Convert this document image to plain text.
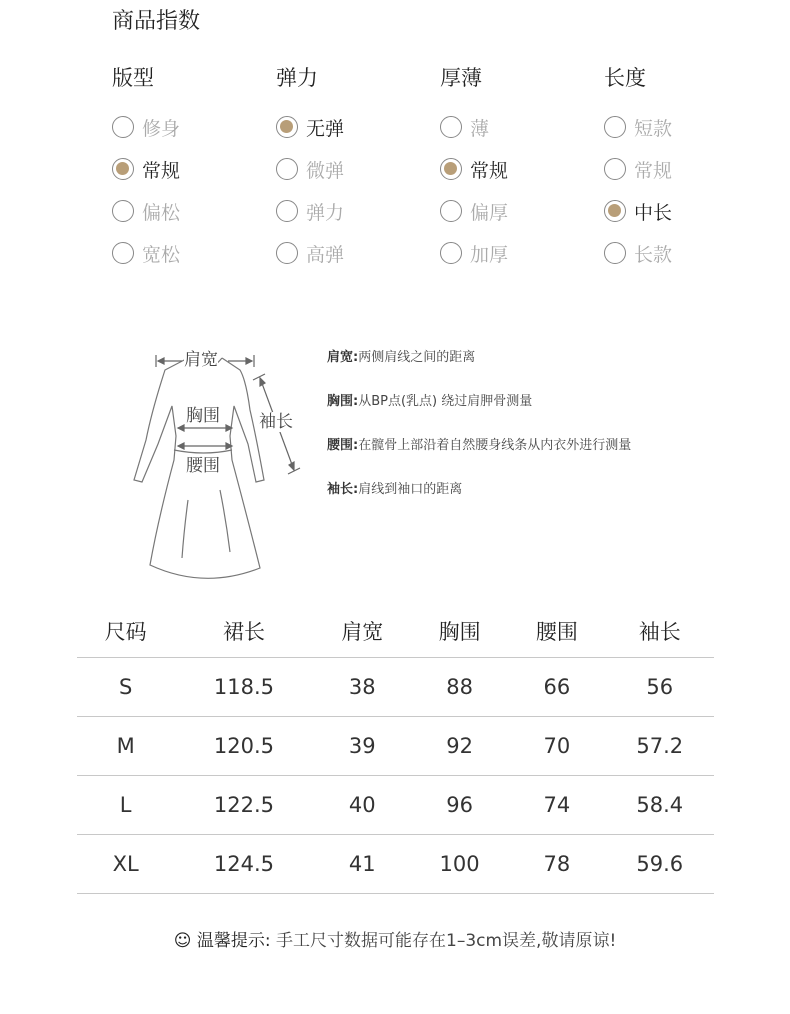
商品指数
版型
修身
常规
偏松
宽松
弹力
无弹
微弹
弹力
高弹
厚薄
薄
常规
偏厚
加厚
长度
短款
常规
中长
长款
肩宽
胸围
腰围
袖长
肩宽:两侧肩线之间的距离
胸围:从BP点(乳点) 绕过肩胛骨测量
腰围:在髋骨上部沿着自然腰身线条从内衣外进行测量
袖长:肩线到袖口的距离
尺码	裙长	肩宽	胸围	腰围	袖长
S	118.5	38	88	66	56
M	120.5	39	92	70	57.2
L	122.5	40	96	74	58.4
XL	124.5	41	100	78	59.6
☺ 温馨提示: 手工尺寸数据可能存在1–3cm误差,敬请原谅!
